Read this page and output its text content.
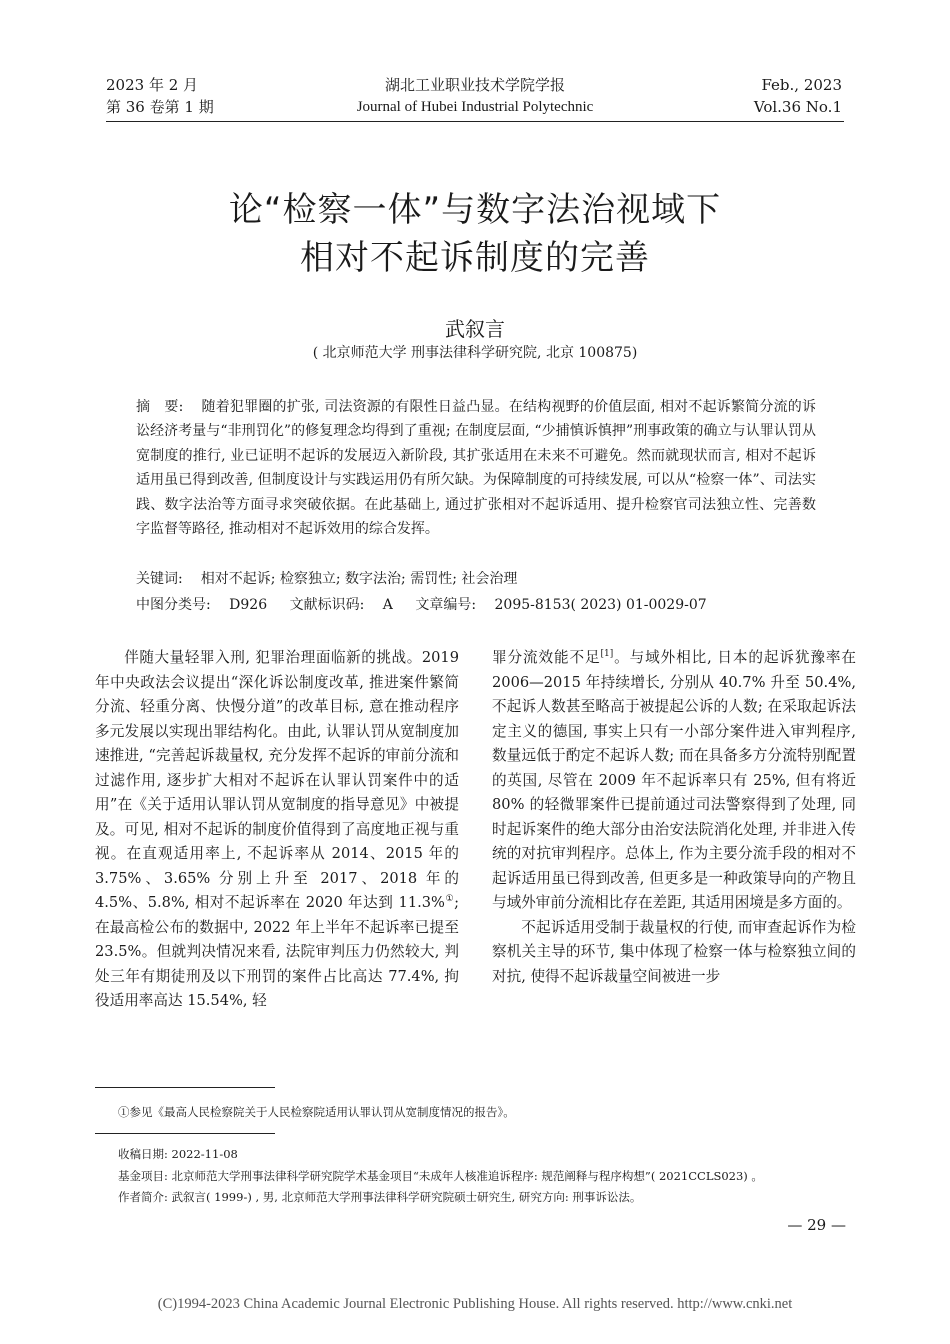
2023 年 2 月
第 36 卷第 1 期
湖北工业职业技术学院学报
Journal of Hubei Industrial Polytechnic
Feb., 2023
Vol.36 No.1
论“检察一体”与数字法治视域下
相对不起诉制度的完善
武叙言
( 北京师范大学 刑事法律科学研究院, 北京 100875)
摘　要: 随着犯罪圈的扩张, 司法资源的有限性日益凸显。在结构视野的价值层面, 相对不起诉繁简分流的诉讼经济考量与“非刑罚化”的修复理念均得到了重视; 在制度层面, “少捕慎诉慎押”刑事政策的确立与认罪认罚从宽制度的推行, 业已证明不起诉的发展迈入新阶段, 其扩张适用在未来不可避免。然而就现状而言, 相对不起诉适用虽已得到改善, 但制度设计与实践运用仍有所欠缺。为保障制度的可持续发展, 可以从“检察一体”、司法实践、数字法治等方面寻求突破依据。在此基础上, 通过扩张相对不起诉适用、提升检察官司法独立性、完善数字监督等路径, 推动相对不起诉效用的综合发挥。
关键词: 相对不起诉; 检察独立; 数字法治; 需罚性; 社会治理
中图分类号: D926 文献标识码: A 文章编号: 2095-8153( 2023) 01-0029-07

伴随大量轻罪入刑, 犯罪治理面临新的挑战。2019 年中央政法会议提出“深化诉讼制度改革, 推进案件繁简分流、轻重分离、快慢分道”的改革目标, 意在推动程序多元发展以实现出罪结构化。由此, 认罪认罚从宽制度加速推进, “完善起诉裁量权, 充分发挥不起诉的审前分流和过滤作用, 逐步扩大相对不起诉在认罪认罚案件中的适用”在《关于适用认罪认罚从宽制度的指导意见》中被提及。可见, 相对不起诉的制度价值得到了高度地正视与重视。在直观适用率上, 不起诉率从 2014、2015 年的 3.75%、3.65% 分别上升至 2017、2018 年的 4.5%、5.8%, 相对不起诉率在 2020 年达到 11.3%①; 在最高检公布的数据中, 2022 年上半年不起诉率已提至 23.5%。但就判决情况来看, 法院审判压力仍然较大, 判处三年有期徒刑及以下刑罚的案件占比高达 77.4%, 拘役适用率高达 15.54%, 轻

罪分流效能不足[1]。与域外相比, 日本的起诉犹豫率在 2006—2015 年持续增长, 分别从 40.7% 升至 50.4%, 不起诉人数甚至略高于被提起公诉的人数; 在采取起诉法定主义的德国, 事实上只有一小部分案件进入审判程序, 数量远低于酌定不起诉人数; 而在具备多方分流特别配置的英国, 尽管在 2009 年不起诉率只有 25%, 但有将近 80% 的轻微罪案件已提前通过司法警察得到了处理, 同时起诉案件的绝大部分由治安法院消化处理, 并非进入传统的对抗审判程序。总体上, 作为主要分流手段的相对不起诉适用虽已得到改善, 但更多是一种政策导向的产物且与域外审前分流相比存在差距, 其适用困境是多方面的。

不起诉适用受制于裁量权的行使, 而审查起诉作为检察机关主导的环节, 集中体现了检察一体与检察独立间的对抗, 使得不起诉裁量空间被进一步

①参见《最高人民检察院关于人民检察院适用认罪认罚从宽制度情况的报告》。
收稿日期: 2022-11-08
基金项目: 北京师范大学刑事法律科学研究院学术基金项目“未成年人核准追诉程序: 规范阐释与程序构想”( 2021CCLS023) 。
作者简介: 武叙言( 1999-) , 男, 北京师范大学刑事法律科学研究院硕士研究生, 研究方向: 刑事诉讼法。
— 29 —
(C)1994-2023 China Academic Journal Electronic Publishing House. All rights reserved. http://www.cnki.net
